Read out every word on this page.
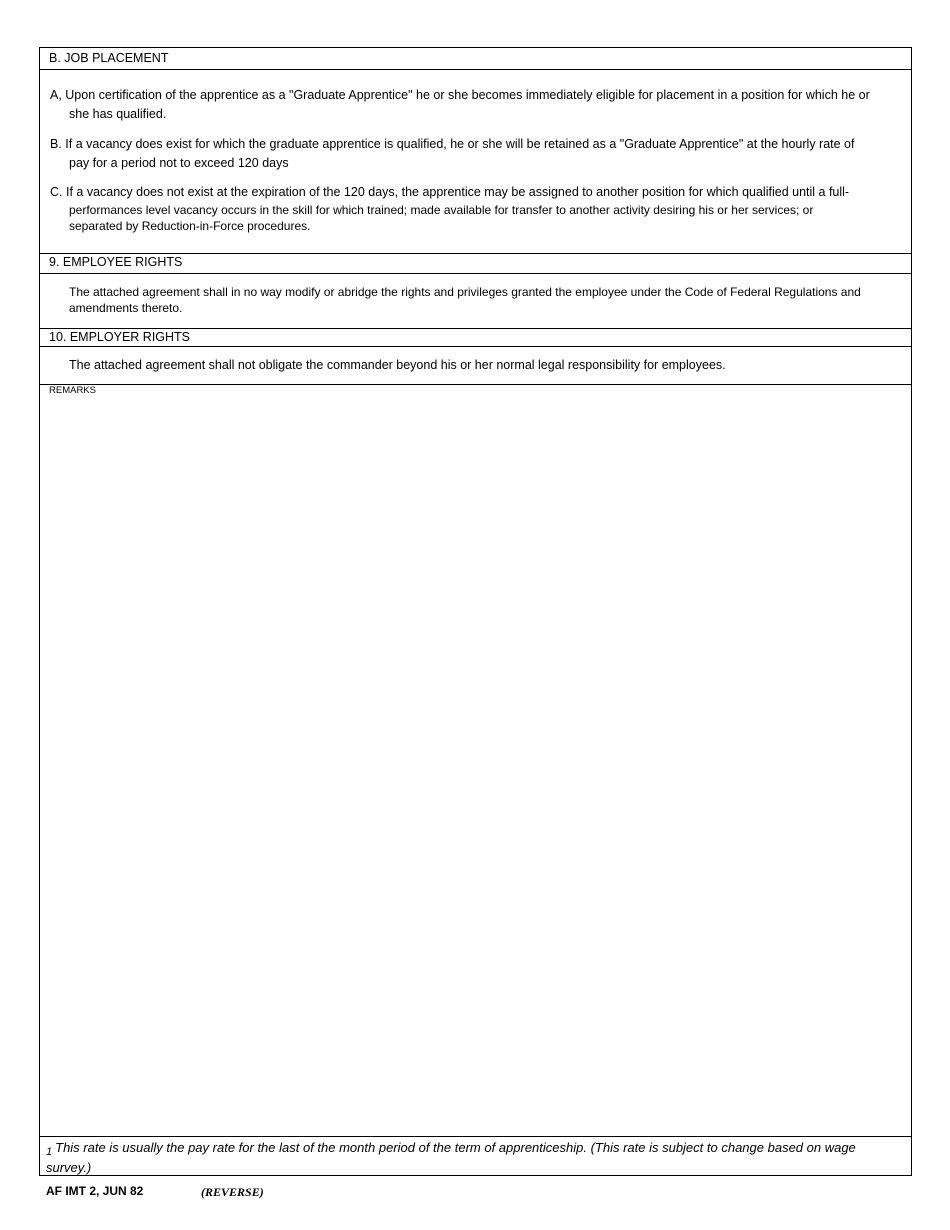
B. JOB PLACEMENT
A, Upon certification of the apprentice as a "Graduate Apprentice" he or she becomes immediately eligible for placement in a position for which he or
she has qualified.
B. If a vacancy does exist for which the graduate apprentice is qualified, he or she will be retained as a "Graduate Apprentice" at the hourly rate of
pay for a period not to exceed 120 days
C. If a vacancy does not exist at the expiration of the 120 days, the apprentice may be assigned to another position for which qualified until a full-
performances level vacancy occurs in the skill for which trained; made available for transfer to another activity desiring his or her services; or
separated by Reduction-in-Force procedures.
9. EMPLOYEE RIGHTS
The attached agreement shall in no way modify or abridge the rights and privileges granted the employee under the Code of Federal Regulations and
amendments thereto.
10. EMPLOYER RIGHTS
The attached agreement shall not obligate the commander beyond his or her normal legal responsibility for employees.
REMARKS
$_1$ This rate is usually the pay rate for the last of the month period of the term of apprenticeship. (This rate is subject to change based on wage survey.)
AF IMT 2, JUN 82	(REVERSE)
